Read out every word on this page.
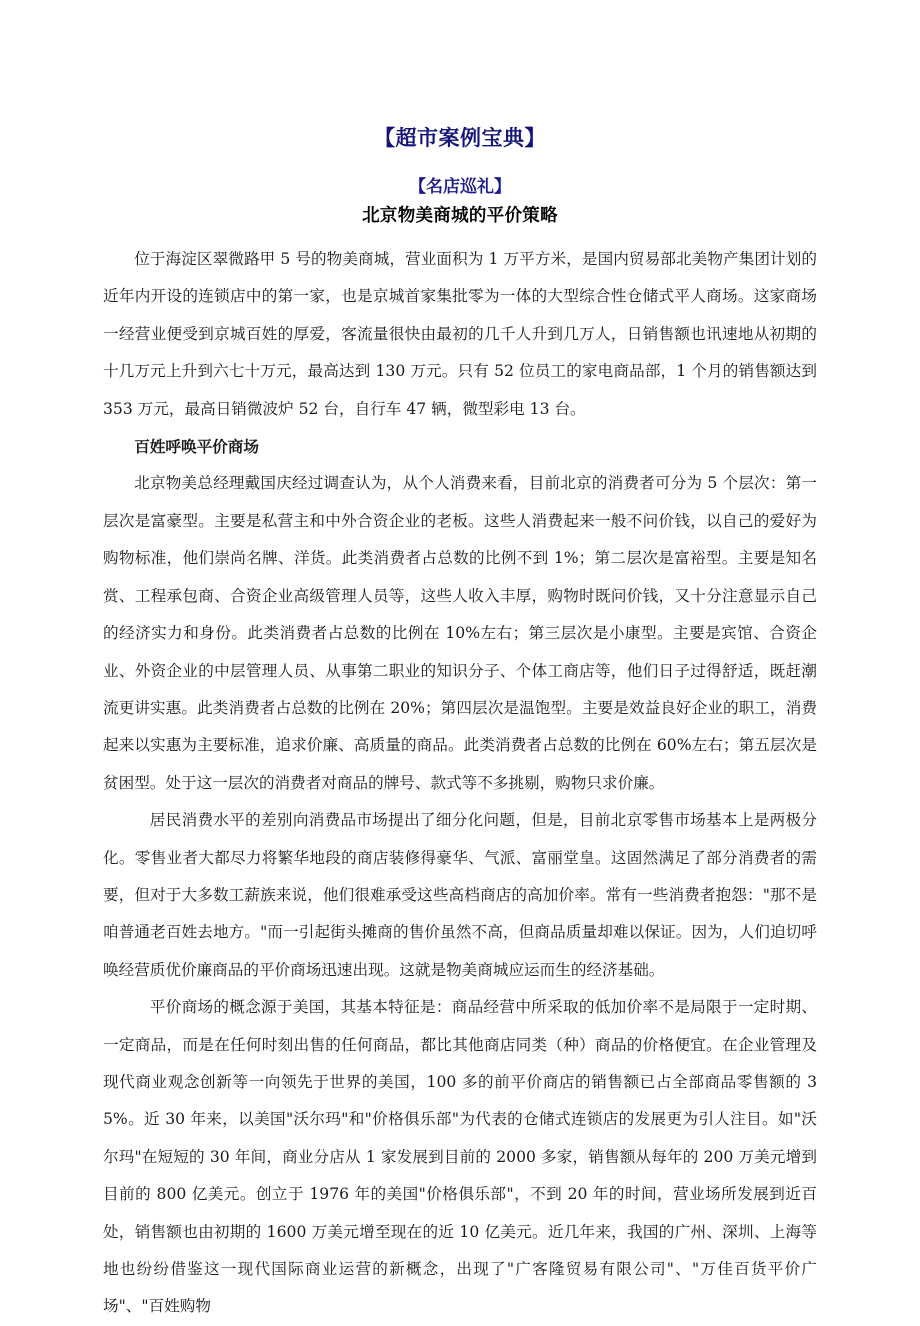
【超市案例宝典】
【名店巡礼】
北京物美商城的平价策略

位于海淀区翠微路甲 5 号的物美商城，营业面积为 1 万平方米，是国内贸易部北美物产集团计划的近年内开设的连锁店中的第一家，也是京城首家集批零为一体的大型综合性仓储式平人商场。这家商场一经营业便受到京城百姓的厚爱，客流量很快由最初的几千人升到几万人，日销售额也讯速地从初期的十几万元上升到六七十万元，最高达到 130 万元。只有 52 位员工的家电商品部，1 个月的销售额达到 353 万元，最高日销微波炉 52 台，自行车 47 辆，微型彩电 13 台。

百姓呼唤平价商场

北京物美总经理戴国庆经过调查认为，从个人消费来看，目前北京的消费者可分为 5 个层次：第一层次是富豪型。主要是私营主和中外合资企业的老板。这些人消费起来一般不问价钱，以自己的爱好为购物标准，他们崇尚名牌、洋货。此类消费者占总数的比例不到 1%；第二层次是富裕型。主要是知名赏、工程承包商、合资企业高级管理人员等，这些人收入丰厚，购物时既问价钱，又十分注意显示自己的经济实力和身份。此类消费者占总数的比例在 10%左右；第三层次是小康型。主要是宾馆、合资企业、外资企业的中层管理人员、从事第二职业的知识分子、个体工商店等，他们日子过得舒适，既赶潮流更讲实惠。此类消费者占总数的比例在 20%；第四层次是温饱型。主要是效益良好企业的职工，消费起来以实惠为主要标准，追求价廉、高质量的商品。此类消费者占总数的比例在 60%左右；第五层次是贫困型。处于这一层次的消费者对商品的牌号、款式等不多挑剔，购物只求价廉。

居民消费水平的差别向消费品市场提出了细分化问题，但是，目前北京零售市场基本上是两极分化。零售业者大都尽力将繁华地段的商店装修得豪华、气派、富丽堂皇。这固然满足了部分消费者的需要，但对于大多数工薪族来说，他们很难承受这些高档商店的高加价率。常有一些消费者抱怨："那不是咱普通老百姓去地方。"而一引起街头摊商的售价虽然不高，但商品质量却难以保证。因为，人们迫切呼唤经营质优价廉商品的平价商场迅速出现。这就是物美商城应运而生的经济基础。

平价商场的概念源于美国，其基本特征是：商品经营中所采取的低加价率不是局限于一定时期、一定商品，而是在任何时刻出售的任何商品，都比其他商店同类（种）商品的价格便宜。在企业管理及现代商业观念创新等一向领先于世界的美国，100 多的前平价商店的销售额已占全部商品零售额的 35%。近 30 年来，以美国"沃尔玛"和"价格俱乐部"为代表的仓储式连锁店的发展更为引人注目。如"沃尔玛"在短短的 30 年间，商业分店从 1 家发展到目前的 2000 多家，销售额从每年的 200 万美元增到目前的 800 亿美元。创立于 1976 年的美国"价格俱乐部"，不到 20 年的时间，营业场所发展到近百处，销售额也由初期的 1600 万美元增至现在的近 10 亿美元。近几年来，我国的广州、深圳、上海等地也纷纷借鉴这一现代国际商业运营的新概念，出现了"广客隆贸易有限公司"、"万佳百货平价广场"、"百姓购物
